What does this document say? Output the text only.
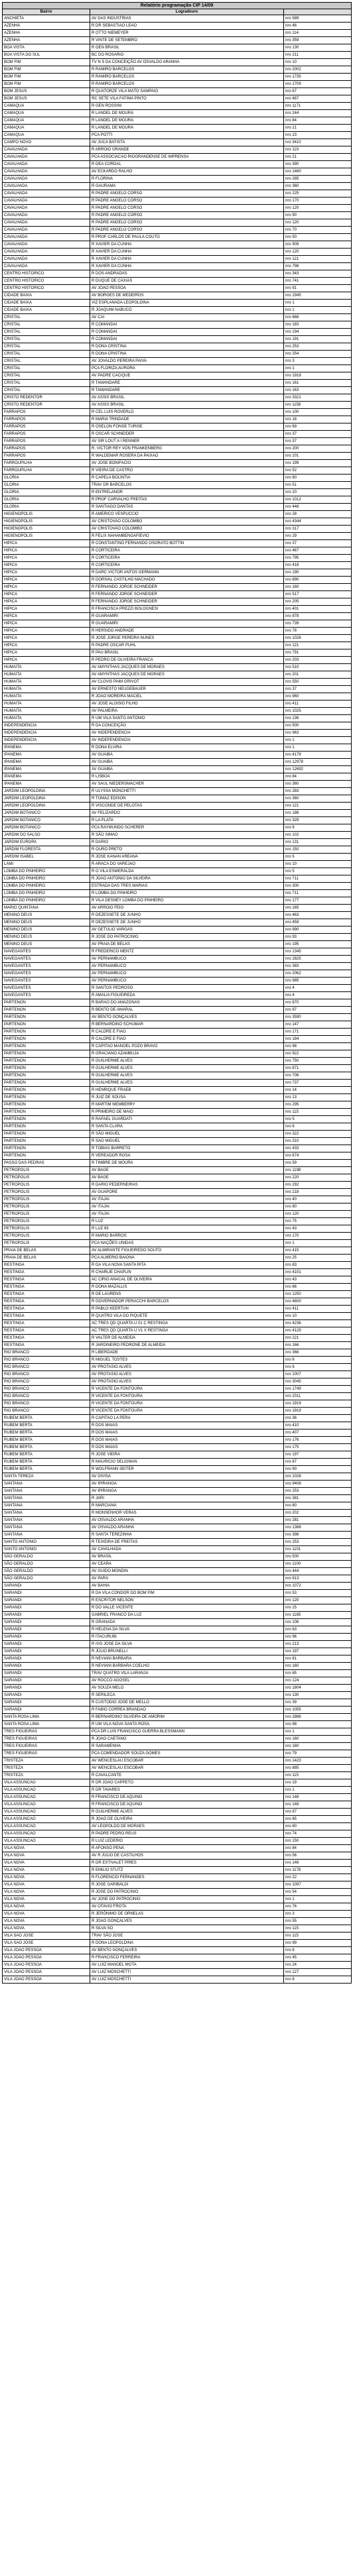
Relatório programação CIP 14/09		
Bairro	Logradouro	
ANCHIETA	AV DAS INDUSTRIAS	nro 589
AZENHA	R DR SEBASTIAO LEAO	nro 46
AZENHA	R OTTO NIEMEYER	nro 114
AZENHA	R VINTE DE SETEMBRO	nro 359
BOA VISTA	R GEN BRASIL	nro 130
BOA VISTA DO SUL	BC DO ROSARIO	nro 211
BOM FIM	TV N S DA CONCEIÇÃO AV OSVALDO ARANHA	nro 10
BOM FIM	R RAMIRO BARCELOS	nro 2002
BOM FIM	R RAMIRO BARCELOS	nro 1735
BOM FIM	R RAMIRO BARCELOS	nro 1709
BOM JESUS	R QUATORZE VILA MATO SAMPAIO	nro 67
BOM JESUS	RC SETE VILA FATIMA PINTO	nro 487
CAMAQUA	R GEN ROSSINI	nro 1171
CAMAQUA	R LANDEL DE MOURA	nro 244
CAMAQUA	R LANDEL DE MOURA	nro 84
CAMAQUA	R LANDEL DE MOURA	nro 21
CAMAQUA	PCA POTTI	nro 23
CAMPO NOVO	AV JUCA BATISTA	nro 3410
CAVALHADA	R ARROIO GRANDE	nro 119
CAVALHADA	PCA ASSOCIACAO RIOGRANDENSE DE IMPRENSA	nro 21
CAVALHADA	R DEA CORDAL	nro 390
CAVALHADA	AV ECKARDO RALHO	nro 1460
CAVALHADA	R FLORINA	nro 285
CAVALHADA	R GAURAMA	nro 360
CAVALHADA	R PADRE ANGELO CORSO	nro 225
CAVALHADA	R PADRE ANGELO CORSO	nro 170
CAVALHADA	R PADRE ANGELO CORSO	nro 120
CAVALHADA	R PADRE ANGELO CORSO	nro 90
CAVALHADA	R PADRE ANGELO CORSO	nro 120
CAVALHADA	R PADRE ANGELO CORSO	nro 70
CAVALHADA	R PROF CARLOS DE PAULA COUTO	nro 50
CAVALHADA	R XAVIER DA CUNHA	nro 909
CAVALHADA	R XAVIER DA CUNHA	nro 120
CAVALHADA	R XAVIER DA CUNHA	nro 121
CAVALHADA	R XAVIER DA CUNHA	nro 798
CENTRO HISTORICO	R DOS ANDRADAS	nro 343
CENTRO HISTORICO	R DUQUE DE CAXIAS	nro 741
CENTRO HISTORICO	AV JOAO PESSOA	nro 91
CIDADE BAIXA	AV BORGES DE MEDEIROS	nro 1945
CIDADE BAIXA	VIZ ESPLANADA LEOPOLDINA	nro 1
CIDADE BAIXA	R JOAQUIM NABUCO	nro 1
CRISTAL	AV CAI	nro 666
CRISTAL	R COMANDAI	nro 183
CRISTAL	R COMANDAI	nro 194
CRISTAL	R COMANDAI	nro 191
CRISTAL	R DONA CRISTINA	nro 253
CRISTAL	R DONA CRISTINA	nro 254
CRISTAL	AV JOVALDO PEREIRA PAIVA	nro 3
CRISTAL	PCA FLORIZA AURORA	nro 1
CRISTAL	AV PADRE CACIQUE	nro 1918
CRISTAL	R TAMANDARE	nro 161
CRISTAL	R TAMANDARE	nro 163
CRISTO REDENTOR	AV ASSIS BRASIL	nro 3321
CRISTO REDENTOR	AV ASSIS BRASIL	nro 1158
FARRAPOS	R CEL LUIS ROVERLO	nro 100
FARRAPOS	R MARIA TRINDADE	nro 18
FARRAPOS	R OSELON FONSE TURISE	nro 69
FARRAPOS	R OSCAR SCHNEIDER	nro 37
FARRAPOS	AV SIR LOUT A I RENNER	nro 37
FARRAPOS	R. VICTOR REY VON FRANKENBERG	nro 200
FARRAPOS	R WALDEMAR ROSERA DA PAIXAO	nro 101
FARROUPILHA	AV JOSE BONIFACIO	nro 199
FARROUPILHA	R VIEIRA DE CASTRO	nro 52
GLORIA	R CAPELA BOLINTIA	nro 80
GLORIA	TRAV DR BARCELOS	nro 51
GLORIA	R ENTRELANOR	nro 20
GLORIA	R PROF CARVALHO FREITAS	nro 1012
GLORIA	R SANTIAGO DANTAS	nro 448
HIGIENOPOLIS	R AMERICO VESPUCCIO	nro 28
HIGIENOPOLIS	AV CRISTOVAO COLOMBO	nro 4344
HIGIENOPOLIS	AV CRISTOVAO COLOMBO	nro 317
HIGIENOPOLIS	R FELIX NAHAMBENGAFIEVIO	nro 29
HIPICA	R CONSTANTINO FERNANDO OSORATO BOTTIN	nro 37
HIPICA	R CORTICEIRA	nro 467
HIPICA	R CORTICEIRA	nro 795
HIPICA	R CORTICEIRA	nro 418
HIPICA	R DARC VICTOR ANTOS GERMANN	nro 190
HIPICA	R DORIVAL CASTILHO MACHADO	nro 890
HIPICA	R FERNANDO JORGE SCHNEIDER	nro 160
HIPICA	R FERNANDO JORGE SCHNEIDER	nro 517
HIPICA	R FERNANDO JORGE SCHNEIDER	nro 205
HIPICA	R FRANCISCA PREZZI BOLOGNESI	nro 401
HIPICA	R GUARAMIRI	nro 878
HIPICA	R GUARAMIRI	nro 739
HIPICA	R HERSIDO ANDRADE	nro 78
HIPICA	R JOSE JORGE PEREIRA NUNES	nro 1026
HIPICA	R PADRE OSCAR PUHL	nro 121
HIPICA	R PAU BRASIL	nro 791
HIPICA	R PEDRO DE OLIVEIRA FRANCA	nro 203
HUMAITA	AV AMYNTHAS JACQUES DE MORAES	nro 510
HUMAITA	AV AMYNTHAS JACQUES DE MORAES	nro 201
HUMAITA	AV CLOVIS PAIM GRIVOT	nro 550
HUMAITA	AV ERNESTO NEUGEBAUER	nro 37
HUMAITA	R JOAO MOREIRA MACIEL	nro 960
HUMAITA	AV JOSE ALOISIO FILHO	nro 411
HUMAITA	AV PALMEIRA	nro 1025
HUMAITA	R UM VILA SANTO ANTONIO	nro 136
INDEPENDENCIA	R DA CONCEIÇÃO	nro 500
INDEPENDENCIA	AV INDEPENDENCIA	nro 963
INDEPENDENCIA	AV INDEPENDENCIA	nro 1
IPANEMA	R DONA ELVIRA	nro 1
IPANEMA	AV GUAIBA	nro 4178
IPANEMA	AV GUAIBA	nro 12978
IPANEMA	AV GUAIBA	nro 12692
IPANEMA	R LISBOA	nro 84
IPANEMA	AV SAUL NIEDERSMACHER	nro 360
JARDIM LEOPOLDINA	R ULYSSA MONCHETTI	nro 283
JARDIM LEOPOLDINA	R TOMAZ EDISON	nro 360
JARDIM LEOPOLDINA	R VISCONDE DE PELOTAS	nro 121
JARDIM BOTANICO	AV FELIZARDO	nro 188
JARDIM BOTANICO	R LA PLATA	nro 329
JARDIM BOTANICO	PCA RAYMUNDO SCHERER	nro 6
JARDIM DO SALSO	R SÃO SIMAO	nro 102
JARDIM EUROPA	R DARIO	nro 131
JARDIM FLORESTA	R OURO PRETO	nro 150
JARDIM ISABEL	R JOSE KANAN AREANA	nro 5
LAMI	R ARACA DO VAREJAO	nro 10
LOMBA DO PINHEIRO	R O VILA ESMERALDA	nro 5
LOMBA DO PINHEIRO	R JOAO ANTONIO DA SILVEIRA	nro 711
LOMBA DO PINHEIRO	ESTRADA DAS TRES MARIAS	nro 300
LOMBA DO PINHEIRO	R LOMBA DO PINHEIRO	nro 711
LOMBA DO PINHEIRO	R VILA DESNEY LOMBA DO PINHEIRO	nro 177
MARIO QUINTANA	AV ARROIO FEIO	nro 165
MENINO DEUS	R DEZESSETE DE JUNHO	nro 463
MENINO DEUS	R DEZESSETE DE JUNHO	nro 459
MENINO DEUS	AV GETULIO VARGAS	nro 990
MENINO DEUS	R JOSE DO PATROCINIO	nro 93
MENINO DEUS	AV PRAIA DE BELAS	nro 195
NAVEGANTES	R FREDERICO MENTZ	nro 1345
NAVEGANTES	AV PERNAMBUCO	nro 2825
NAVEGANTES	AV PERNAMBUCO	nro 383
NAVEGANTES	AV PERNAMBUCO	nro 2062
NAVEGANTES	AV PERNAMBUCO	nro 985
NAVEGANTES	R SANTOS PEDROSO	nro 4
NAVEGANTES	R AMALIA FIGUEIREDA	nro 4
PARTENON	R BARAO DO AMAZONAS	nro 870
PARTENON	R BENTO DE AMARAL	nro 97
PARTENON	AV BENTO GONÇALVES	nro 3590
PARTENON	R BERNARDINO SCHUMAR	nro 147
PARTENON	R CALDRE E FIAO	nro 171
PARTENON	R CALDRE E FIAO	nro 184
PARTENON	R CAPITAO MANOEL POZO BRAVO	nro 98
PARTENON	R GRACIANO AZAMBUJA	nro 922
PARTENON	R GUILHERME ALVES	nro 750
PARTENON	R GUILHERME ALVES	nro 671
PARTENON	R GUILHERME ALVES	nro 706
PARTENON	R GUILHERME ALVES	nro 737
PARTENON	R HENRIQUE FRAEB	nro 14
PARTENON	R JUIZ DE SOUSA	nro 13
PARTENON	R MARTIM MEMBERRY	nro 295
PARTENON	R PRIMEIRO DE MAIO	nro 115
PARTENON	R RAFAEL GUARDATI	nro 5
PARTENON	R SANTA CLARA	nro 6
PARTENON	R SÃO MIGUEL	nro 322
PARTENON	R SAO MIGUEL	nro 310
PARTENON	R TOBIAS BARRETO	nro 433
PARTENON	R VEREADOR ROSA	nro 674
PASSO DAS PEDRAS	R TIMBRE DE MOURA	nro 59
PETROPOLIS	AV BAGE	nro 1198
PETROPOLIS	AV BAGE	nro 220
PETROPOLIS	R DARIO PEDERNEIRAS	nro 292
PETROPOLIS	AV GUAPORE	nro 218
PETROPOLIS	AV ITAJAI	nro 40
PETROPOLIS	AV ITAJAI	nro 80
PETROPOLIS	AV ITAJAI	nro 120
PETROPOLIS	R LUZ	nro 75
PETROPOLIS	R LUZ 65	nro 43
PETROPOLIS	R MARIO BARROS	nro 170
PETROPOLIS	PCA NAÇÕES UNIDAS	nro 1
PRAIA DE BELAS	AV ALMIRANTE FIGUEIREDO SOUTO	nro 415
PRAIA DE BELAS	PCA ALMERIO BAIONA	nro 25
RESTINGA	R DA VILA NOVA SANTA RITA	nro 83
RESTINGA	R CHARLIE CHAPLIN	nro 4101
RESTINGA	AC CIRIO ANACAL DE OLIVEIRA	nro 43
RESTINGA	R DONA MAZALLIS	nro 86
RESTINGA	R DE LAURENS	nro 1250
RESTINGA	R GOVERNADOR PERACCHI BARCELOS	nro 4600
RESTINGA	R PABLO KEERTUN	nro 411
RESTINGA	R QUATRO VILA DO PIQUETE	nro 10
RESTINGA	AC TRES QD QUARTA U 01 C RESTINGA	nro 4236
RESTINGA	AC TRES QD QUARTA U V1 X RESTINGA	nro 4129
RESTINGA	R VALTER DE ALMEIDA	nro 221
RESTINGA	R JARDINEIRO PEDRONE DE ALMEIDA	nro 166
RIO BRANCO	R LIBERDADE	nro 366
RIO BRANCO	R MIGUEL TOSTES	nro 6
RIO BRANCO	AV PROTASIO ALVES	nro 6
RIO BRANCO	AV PROTASIO ALVES	nro 1007
RIO BRANCO	AV PROTASIO ALVES	nro 3045
RIO BRANCO	R VICENTE DA FONTOURA	nro 1749
RIO BRANCO	R VICENTE DA FONTOURA	nro 2011
RIO BRANCO	R VICENTE DA FONTOURA	nro 1919
RIO BRANCO	R VICENTE DA FONTOURA	nro 1919
RUBEM BERTA	R CAPITAO LA PERA	nro 36
RUBEM BERTA	R DOS MAIAS	nro 410
RUBEM BERTA	R DOS MAIAS	nro 407
RUBEM BERTA	R DOS MAIAS	nro 176
RUBEM BERTA	R DOS MAIAS	nro 175
RUBEM BERTA	R JOSE VIEIRA	nro 197
RUBEM BERTA	R MAURICIO SELIGMAN	nro 87
RUBEM BERTA	R WOLFRANN SEITER	nro 90
SANTA TEREZA	AV DIVISA	nro 1028
SANTANA	AV IPIRANGA	nro 9408
SANTANA	AV IPIRANGA	nro 253
SANTANA	R JARI	nro 381
SANTANA	R MARCIANA	nro 80
SANTANA	R MONSENHOR VERAS	nro 202
SANTANA	AV OSVALDO ARANHA	nro 281
SANTANA	AV OSVALDO ARANHA	nro 1388
SANTANA	R SANTA TEREZINHA	nro 398
SANTO ANTONIO	R TEIXEIRA DE FREITAS	nro 253
SANTO ANTONIO	AV CAVALHADA	nro 1101
SÃO GERALDO	AV BRASIL	nro 500
SÃO GERALDO	AV CEARA	nro 1100
SÃO GERALDO	AV GUIDO MONDIN	nro 444
SÃO GERALDO	AV PARA	nro 913
SARANDI	AV BAHIA	nro 1072
SARANDI	R DA VILA CONDOR DO BOM FIM	nro 53
SARANDI	R ESCRITOR NELSON	nro 120
SARANDI	R DO VALLE VICENTE	nro 15
SARANDI	GABRIEL FRANCO DA LUZ	nro 1165
SARANDI	R GRANADA	nro 106
SARANDI	R HELENA DA SILVA	nro 63
SARANDI	R ITACURUBI	nro 96
SARANDI	R IVO JOSE DA SILVA	nro 213
SARANDI	R JÚLIO BRUNELLI	nro 197
SARANDI	R NEVIANI BARBARA	nro 81
SARANDI	R NEVIANI BARBARA COELHO	nro 160
SARANDI	TRAV QUATRO VILA LARANJA	nro 65
SARANDI	AV ROCCO AGOSEL	nro 124
SARANDI	AV SOUZA MELO	nro 1804
SARANDI	R SERILECA	nro 130
SARANDI	R CUSTODIO JOSE DE MELLO	nro 39
SARANDI	R FABIO CORREA BRANDAO	nro 1055
SANTA ROSA LIMA	R BERNARDINO SILVEIRA DE AMORIM	nro 2888
SANTA ROSA LIMA	R UM VILA NOVA SANTA ROSA	nro 98
TRES FIGUEIRAS	PCA DR LUIS FRANCISCO GUERRA BLESSMANN	nro 1
TRES FIGUEIRAS	R JOAO CAETANO	nro 160
TRES FIGUEIRAS	R SARAMENHA	nro 160
TRES FIGUEIRAS	PCA COMENDADOR SOUZA GOMES	nro 79
TRISTEZA	AV WENCESLAU ESCOBAR	nro 1423
TRISTEZA	AV WENCESLAU ESCOBAR	nro 885
TRISTEZA	R CAVALCANTE	nro 115
VILA ASSUNCAO	R DR JOAO CAPPETO	nro 19
VILA ASSUNCAO	R DR TAVARES	nro 1
VILA ASSUNCAO	R FRANCISCO DE AQUINO	nro 148
VILA ASSUNCAO	R FRANCISCO DE AQUINO	nro 148
VILA ASSUNCAO	R GUILHERME ALVES	nro 87
VILA ASSUNCAO	R JOAO DE OLIVEIRA	nro 65
VILA ASSUNCAO	AV LEOPOLDO DE MORAES	nro 60
VILA ASSUNCAO	R PADRE PEDRO REUS	nro 74
VILA ASSUNCAO	R LUIZ LEDERIO	nro 150
VILA NOVA	R AFONSO PENA	nro 84
VILA NOVA	AV R JULIO DE CASTILHOS	nro 56
VILA NOVA	R DR ESTIVALET PIRES	nro 148
VILA NOVA	R EMILIO STUTZ	nro 1178
VILA NOVA	R FLORENCIO FERNANDES	nro 22
VILA NOVA	R JOSE GARIBALDI	nro 1097
VILA NOVA	R JOSE DO PATROCINIO	nro 54
VILA NOVA	AV JOSE DO PATROCINIO	nro 1
VILA NOVA	AV OTAVIO FROTA	nro 76
VILA NOVA	R JERÔNIMO DE ORNELAS	nro 3
VILA NOVA	R JOAO GONÇALVES	nro 55
VILA NOVA	R SILVA SO	nro 115
VILA SAO JOSE	TRAV SÃO JOSE	nro 115
VILA SAO JOSE	R DONA LEOPOLDINA	nro 99
VILA JOAO PESSOA	AV BENTO GONÇALVES	nro 6
VILA JOAO PESSOA	R FRANCISCO FERREIRA	nro 45
VILA JOAO PESSOA	AV LUIZ MANOEL MOTA	nro 24
VILA JOAO PESSOA	AV LUIZ MOSCHETTI	nro 127
VILA JOAO PESSOA	AV LUIZ MOSCHETTI	nro 8
